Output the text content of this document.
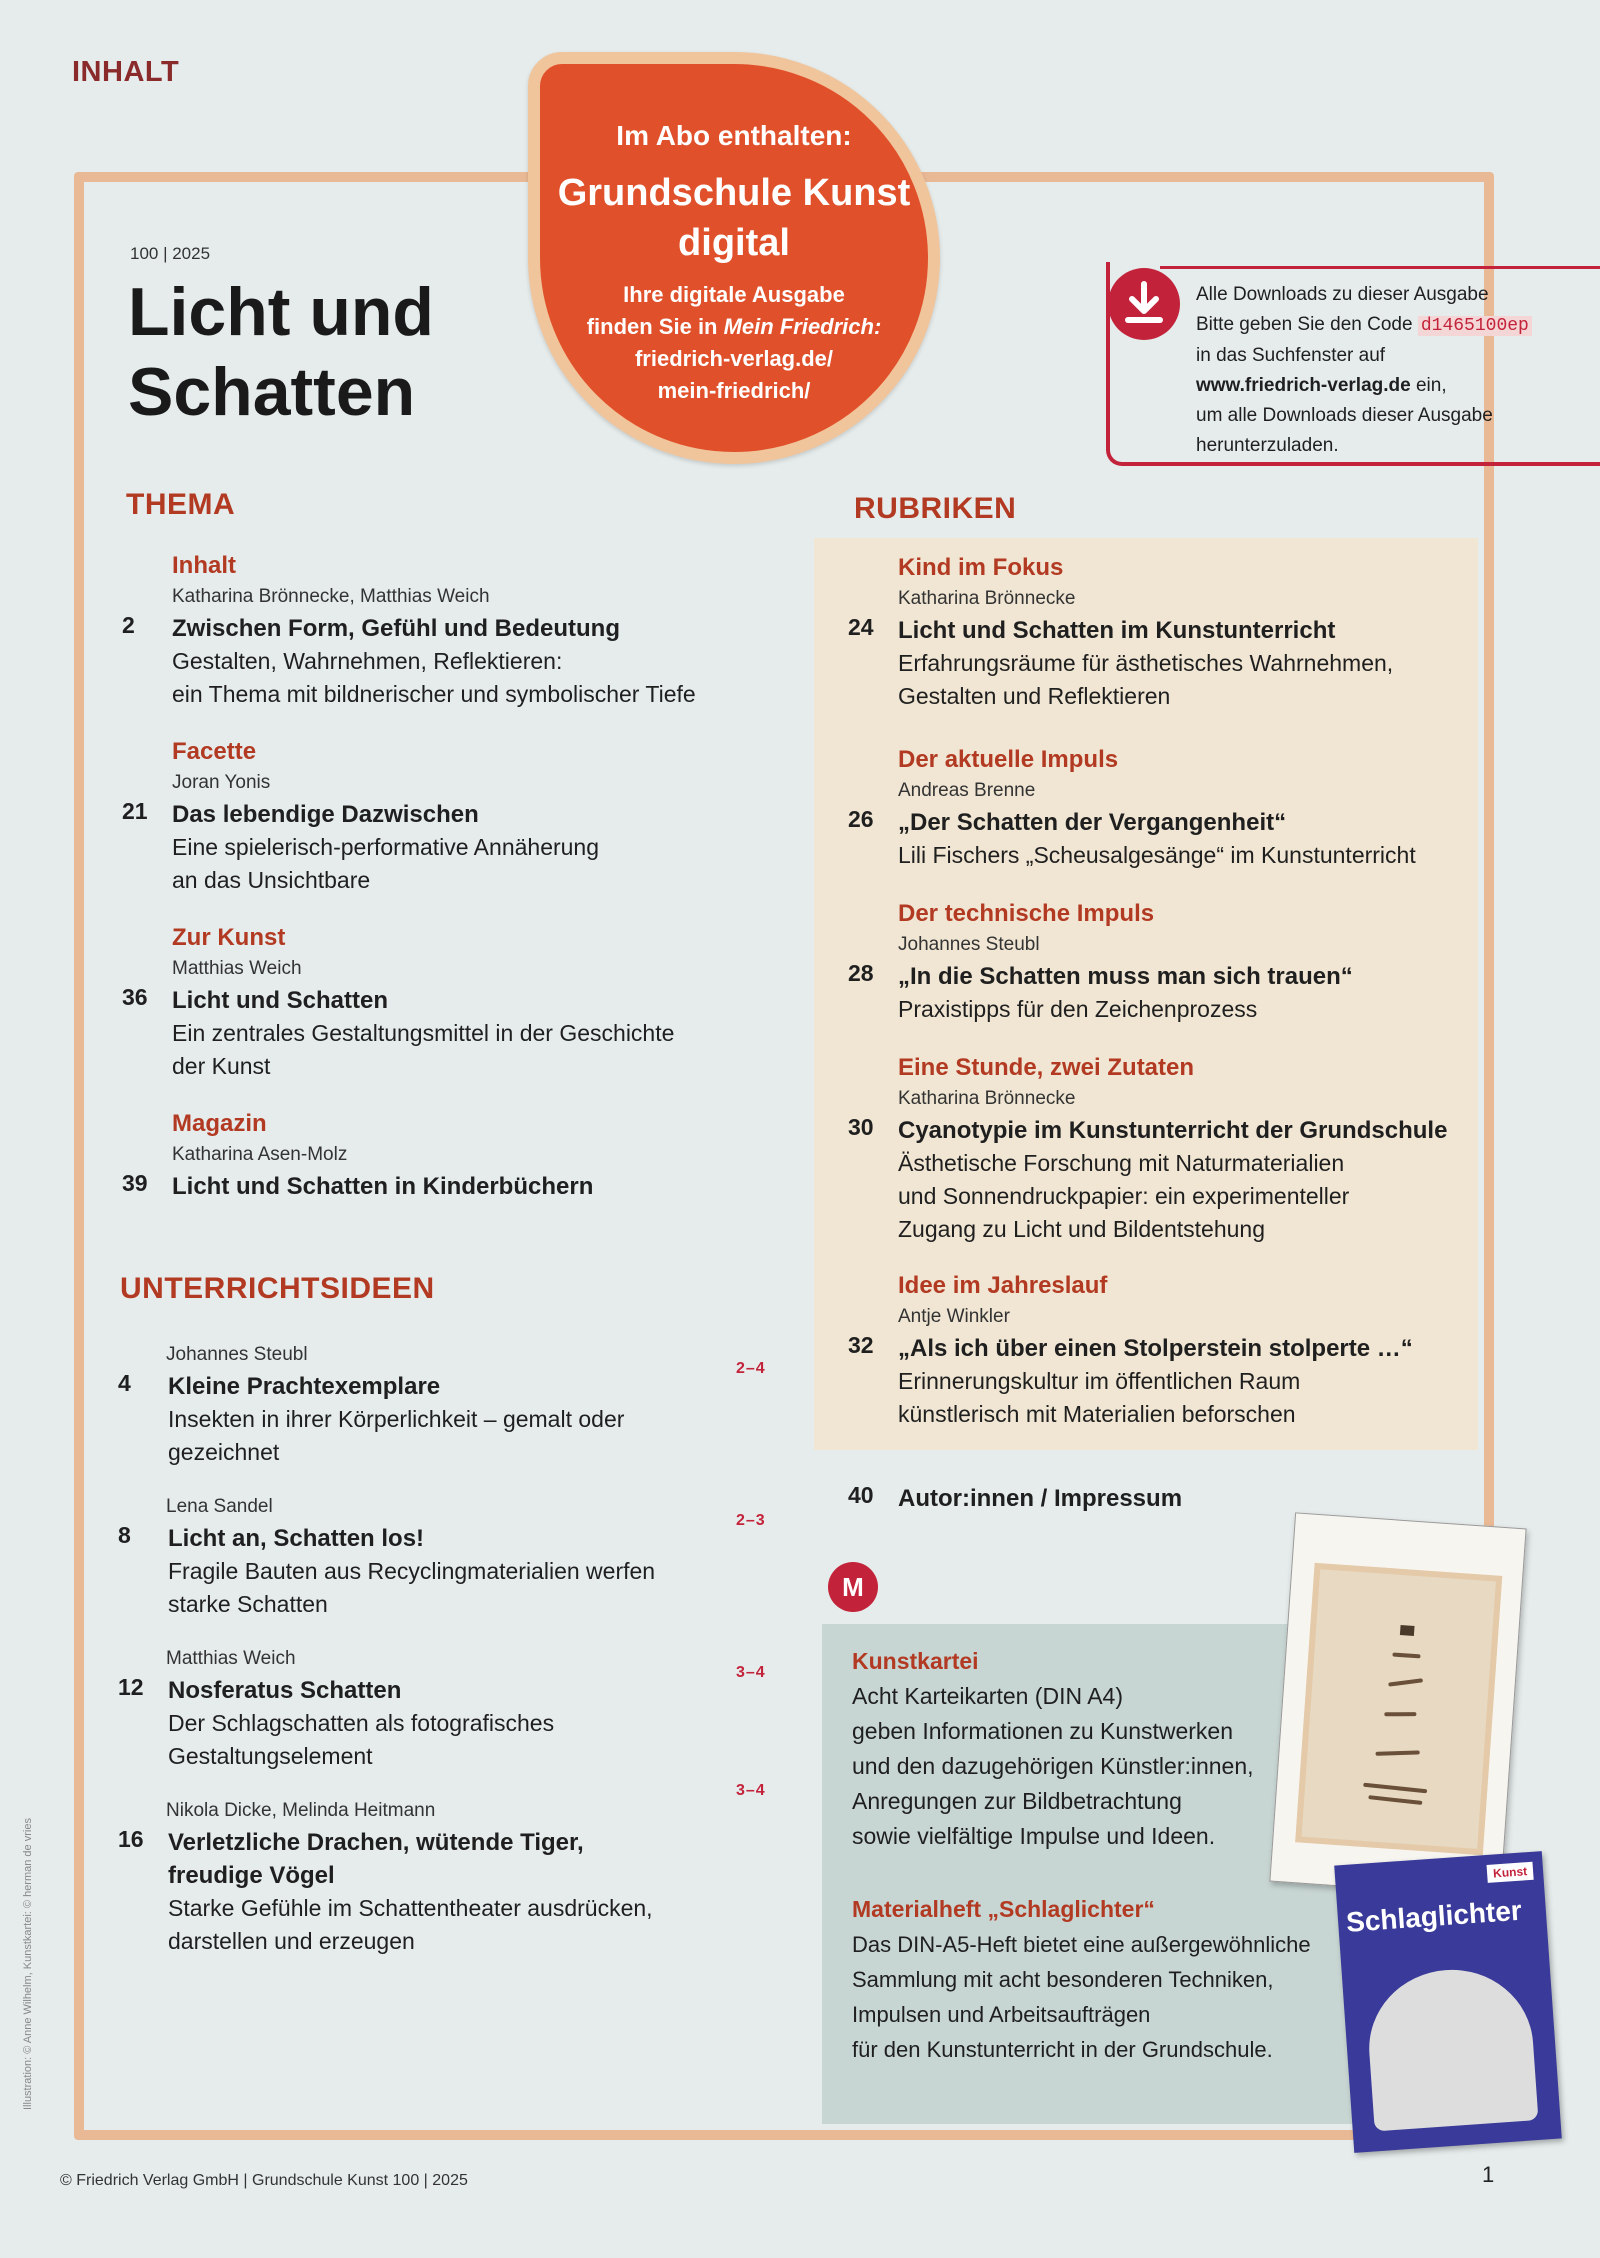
INHALT
100 | 2025
Licht und
Schatten
Im Abo enthalten:
Grundschule Kunst
digital
Ihre digitale Ausgabe
finden Sie in Mein Friedrich:
friedrich-verlag.de/
mein-friedrich/
Alle Downloads zu dieser Ausgabe
Bitte geben Sie den Code d1465100ep
in das Suchfenster auf
www.friedrich-verlag.de ein,
um alle Downloads dieser Ausgabe
herunterzuladen.
THEMA
Inhalt
Katharina Brönnecke, Matthias Weich
2	Zwischen Form, Gefühl und Bedeutung
Gestalten, Wahrnehmen, Reflektieren:
ein Thema mit bildnerischer und symbolischer Tiefe
Facette
Joran Yonis
21	Das lebendige Dazwischen
Eine spielerisch-performative Annäherung
an das Unsichtbare
Zur Kunst
Matthias Weich
36	Licht und Schatten
Ein zentrales Gestaltungsmittel in der Geschichte
der Kunst
Magazin
Katharina Asen-Molz
39	Licht und Schatten in Kinderbüchern
UNTERRICHTSIDEEN
Johannes Steubl
4	Kleine Prachtexemplare
Insekten in ihrer Körperlichkeit – gemalt oder
gezeichnet
2–4
Lena Sandel
8	Licht an, Schatten los!
Fragile Bauten aus Recyclingmaterialien werfen
starke Schatten
2–3
Matthias Weich
12	Nosferatus Schatten
Der Schlagschatten als fotografisches
Gestaltungselement
3–4
Nikola Dicke, Melinda Heitmann
16	Verletzliche Drachen, wütende Tiger,
freudige Vögel
Starke Gefühle im Schattentheater ausdrücken,
darstellen und erzeugen
3–4
RUBRIKEN
Kind im Fokus
Katharina Brönnecke
24	Licht und Schatten im Kunstunterricht
Erfahrungsräume für ästhetisches Wahrnehmen,
Gestalten und Reflektieren
Der aktuelle Impuls
Andreas Brenne
26	„Der Schatten der Vergangenheit“
Lili Fischers „Scheusalgesänge“ im Kunstunterricht
Der technische Impuls
Johannes Steubl
28	„In die Schatten muss man sich trauen“
Praxistipps für den Zeichenprozess
Eine Stunde, zwei Zutaten
Katharina Brönnecke
30	Cyanotypie im Kunstunterricht der Grundschule
Ästhetische Forschung mit Naturmaterialien
und Sonnendruckpapier: ein experimenteller
Zugang zu Licht und Bildentstehung
Idee im Jahreslauf
Antje Winkler
32	„Als ich über einen Stolperstein stolperte …“
Erinnerungskultur im öffentlichen Raum
künstlerisch mit Materialien beforschen
40	Autor:innen / Impressum
M
Kunstkartei
Acht Karteikarten (DIN A4)
geben Informationen zu Kunstwerken
und den dazugehörigen Künstler:innen,
Anregungen zur Bildbetrachtung
sowie vielfältige Impulse und Ideen.
Materialheft „Schlaglichter“
Das DIN-A5-Heft bietet eine außergewöhnliche
Sammlung mit acht besonderen Techniken,
Impulsen und Arbeitsaufträgen
für den Kunstunterricht in der Grundschule.
Kunst
Schlaglichter
Illustration: © Anne Wilhelm, Kunstkartei: © herman de vries
© Friedrich Verlag GmbH | Grundschule Kunst 100 | 2025	1
